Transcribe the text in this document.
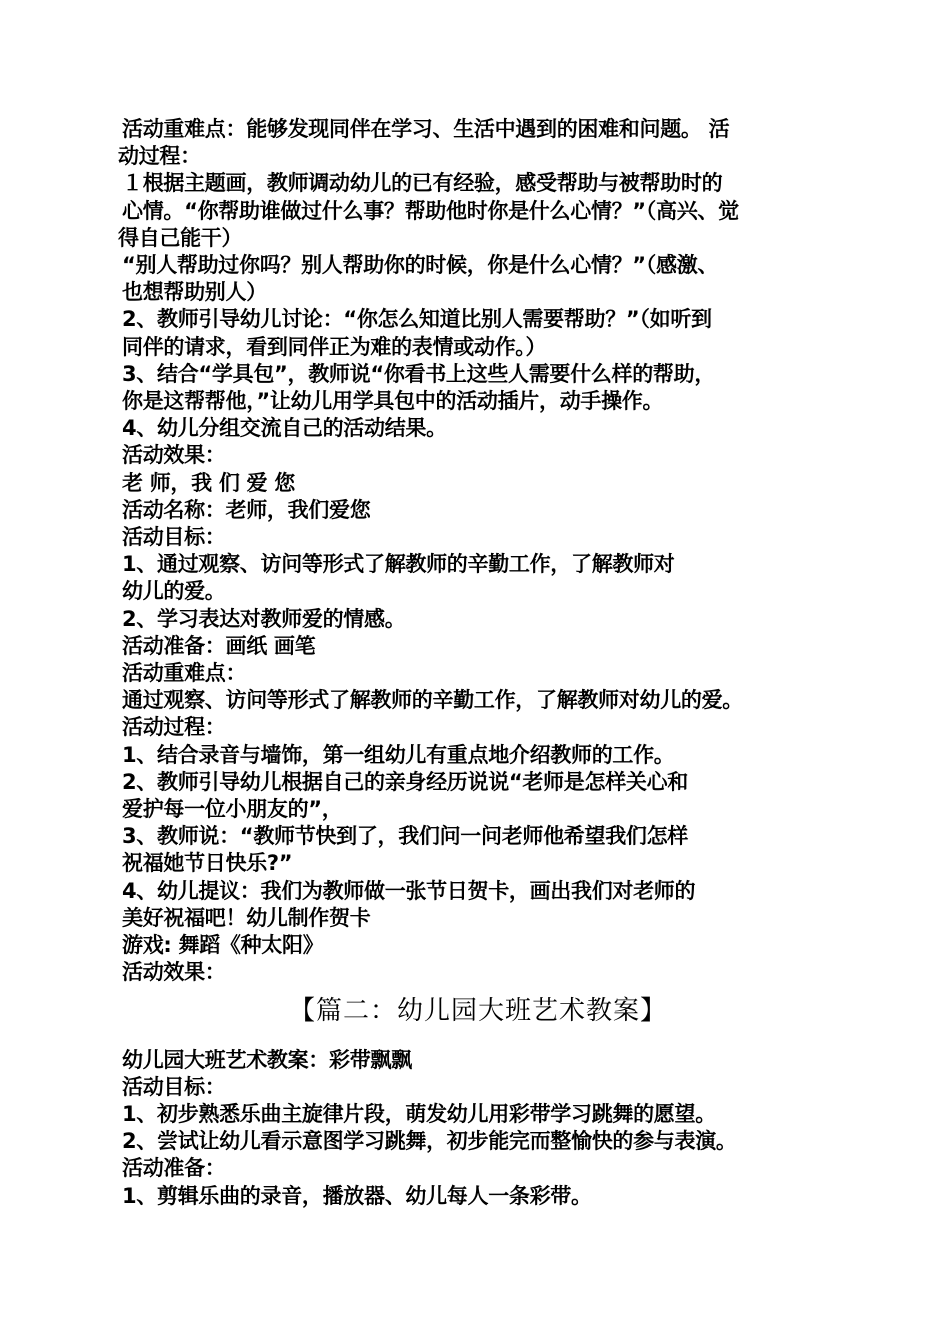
活动重难点：能够发现同伴在学习、生活中遇到的困难和问题。 活
动过程：
１根据主题画，教师调动幼儿的已有经验，感受帮助与被帮助时的
心情。“你帮助谁做过什么事？帮助他时你是什么心情？”（高兴、觉
得自己能干）
“别人帮助过你吗？别人帮助你的时候，你是什么心情？”（感激、
也想帮助别人）
2、教师引导幼儿讨论：“你怎么知道比别人需要帮助？”（如听到
同伴的请求，看到同伴正为难的表情或动作。）
3、结合“学具包”，教师说“你看书上这些人需要什么样的帮助，
你是这帮帮他，”让幼儿用学具包中的活动插片，动手操作。
4、幼儿分组交流自己的活动结果。
活动效果：
老 师，我 们 爱 您
活动名称：老师，我们爱您
活动目标：
1、通过观察、访问等形式了解教师的辛勤工作，了解教师对
幼儿的爱。
2、学习表达对教师爱的情感。
活动准备：画纸 画笔
活动重难点：
通过观察、访问等形式了解教师的辛勤工作，了解教师对幼儿的爱。
活动过程：
1、结合录音与墙饰，第一组幼儿有重点地介绍教师的工作。
2、教师引导幼儿根据自己的亲身经历说说“老师是怎样关心和
爱护每一位小朋友的”，
3、教师说：“教师节快到了，我们问一问老师他希望我们怎样
祝福她节日快乐?”
4、幼儿提议：我们为教师做一张节日贺卡，画出我们对老师的
美好祝福吧！幼儿制作贺卡
游戏: 舞蹈《种太阳》
活动效果：
【篇二：幼儿园大班艺术教案】
幼儿园大班艺术教案：彩带飘飘
活动目标：
1、初步熟悉乐曲主旋律片段，萌发幼儿用彩带学习跳舞的愿望。
2、尝试让幼儿看示意图学习跳舞，初步能完而整愉快的参与表演。
活动准备：
1、剪辑乐曲的录音，播放器、幼儿每人一条彩带。
